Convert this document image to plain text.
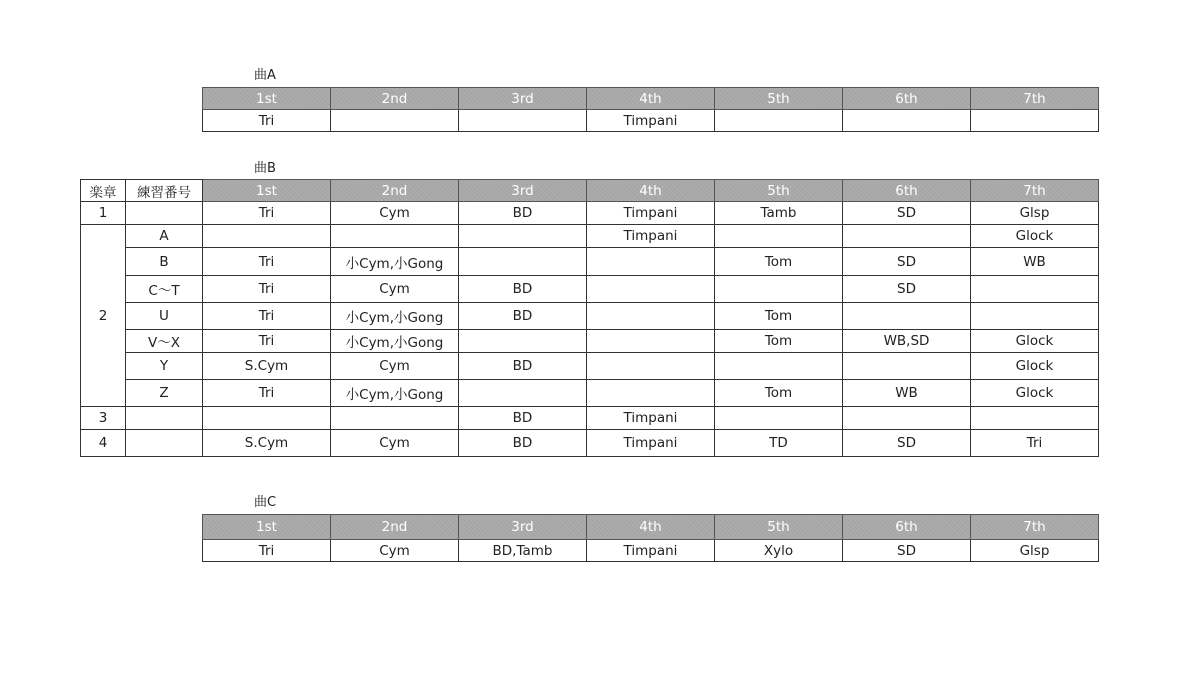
曲A
1st	2nd	3rd	4th	5th	6th	7th
Tri			Timpani			
曲B
楽章	練習番号	1st	2nd	3rd	4th	5th	6th	7th
1		Tri	Cym	BD	Timpani	Tamb	SD	Glsp
2	A				Timpani			Glock
	B	Tri	小Cym,小Gong			Tom	SD	WB
	C～T	Tri	Cym	BD			SD	
	U	Tri	小Cym,小Gong	BD		Tom		
	V～X	Tri	小Cym,小Gong			Tom	WB,SD	Glock
	Y	S.Cym	Cym	BD				Glock
	Z	Tri	小Cym,小Gong			Tom	WB	Glock
3				BD	Timpani			
4		S.Cym	Cym	BD	Timpani	TD	SD	Tri
曲C
1st	2nd	3rd	4th	5th	6th	7th
Tri	Cym	BD,Tamb	Timpani	Xylo	SD	Glsp
